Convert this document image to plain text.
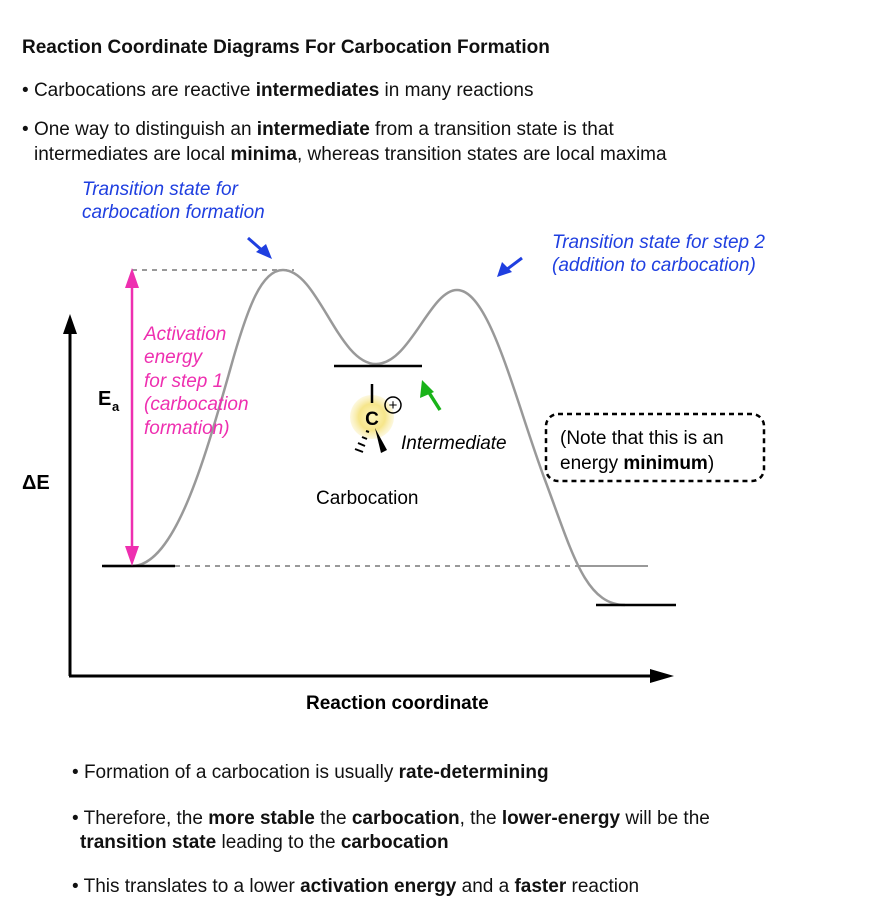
Reaction Coordinate Diagrams For Carbocation Formation
• Carbocations are reactive intermediates in many reactions
• One way to distinguish an intermediate from a transition state is that
intermediates are local minima, whereas transition states are local maxima
C
+
Transition state for
carbocation formation
Transition state for step 2
(addition to carbocation)
Activation
energy
for step 1
(carbocation
formation)
E a
ΔE
Reaction coordinate
Intermediate
Carbocation
(Note that this is an
energy minimum)
• Formation of a carbocation is usually rate-determining
• Therefore, the more stable the carbocation, the lower-energy will be the
transition state leading to the carbocation
• This translates to a lower activation energy and a faster reaction
